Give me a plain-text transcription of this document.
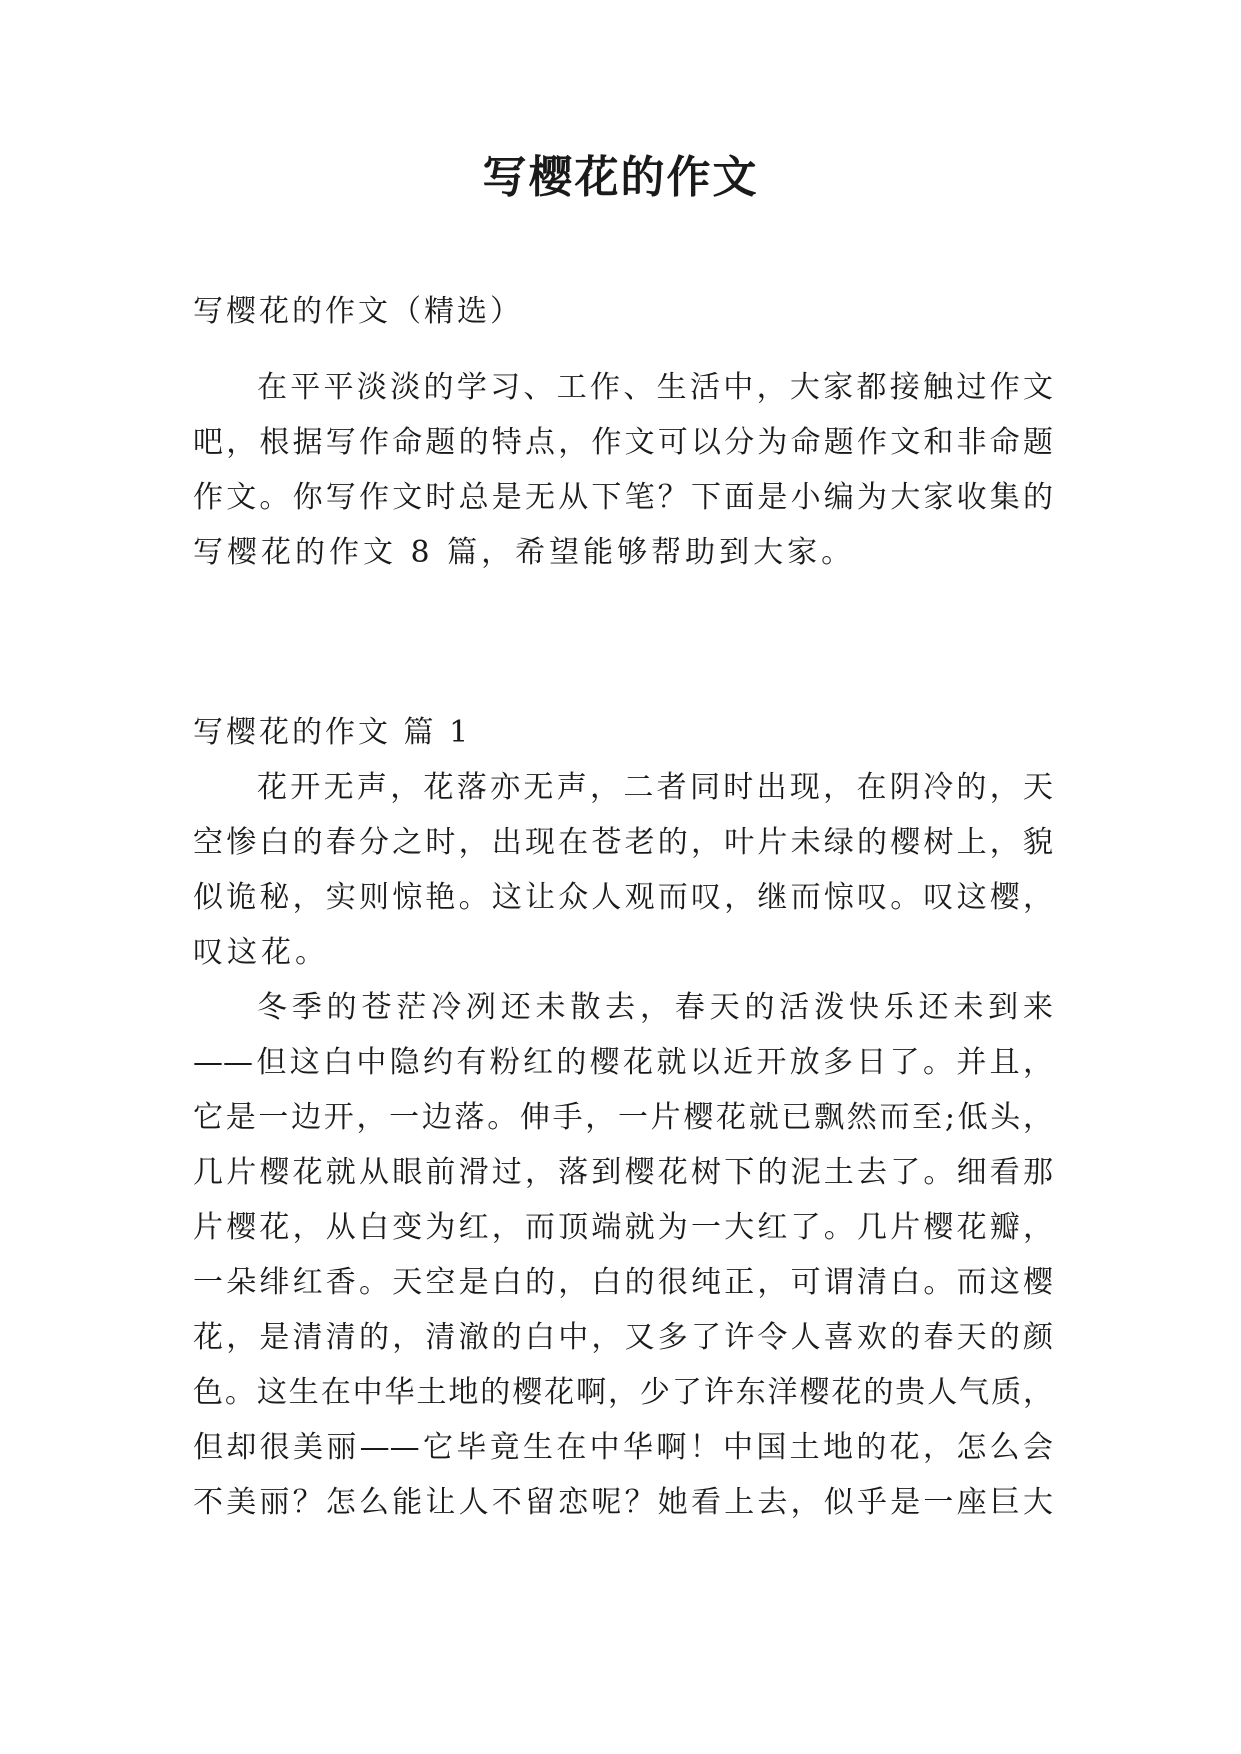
写樱花的作文

写樱花的作文（精选）

在平平淡淡的学习、工作、生活中，大家都接触过作文

吧，根据写作命题的特点，作文可以分为命题作文和非命题

作文。你写作文时总是无从下笔？下面是小编为大家收集的

写樱花的作文 8 篇，希望能够帮助到大家。

写樱花的作文 篇 1

花开无声，花落亦无声，二者同时出现，在阴冷的，天

空惨白的春分之时，出现在苍老的，叶片未绿的樱树上，貌

似诡秘，实则惊艳。这让众人观而叹，继而惊叹。叹这樱，

叹这花。

冬季的苍茫冷冽还未散去，春天的活泼快乐还未到来

——但这白中隐约有粉红的樱花就以近开放多日了。并且，

它是一边开，一边落。伸手，一片樱花就已飘然而至;低头，

几片樱花就从眼前滑过，落到樱花树下的泥土去了。细看那

片樱花，从白变为红，而顶端就为一大红了。几片樱花瓣，

一朵绯红香。天空是白的，白的很纯正，可谓清白。而这樱

花，是清清的，清澈的白中，又多了许令人喜欢的春天的颜

色。这生在中华土地的樱花啊，少了许东洋樱花的贵人气质，

但却很美丽——它毕竟生在中华啊！中国土地的花，怎么会

不美丽？怎么能让人不留恋呢？她看上去，似乎是一座巨大
